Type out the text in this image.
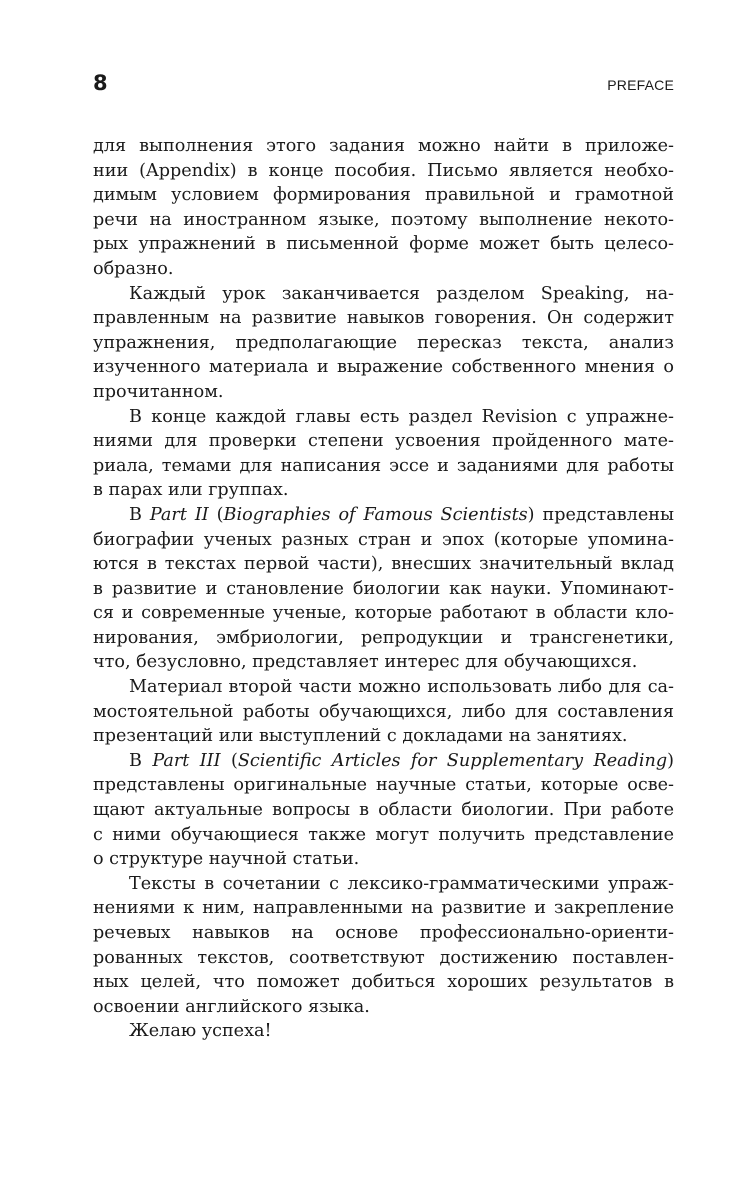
8	PREFACE
для выполнения этого задания можно найти в приложе-
нии (Appendix) в конце пособия. Письмо является необхо-
димым условием формирования правильной и грамотной
речи на иностранном языке, поэтому выполнение некото-
рых упражнений в письменной форме может быть целесо-
образно.
Каждый урок заканчивается разделом Speaking, на-
правленным на развитие навыков говорения. Он содержит
упражнения, предполагающие пересказ текста, анализ
изученного материала и выражение собственного мнения о
прочитанном.
В конце каждой главы есть раздел Revision с упражне-
ниями для проверки степени усвоения пройденного мате-
риала, темами для написания эссе и заданиями для работы
в парах или группах.
В Part II (Biographies of Famous Scientists) представлены
биографии ученых разных стран и эпох (которые упомина-
ются в текстах первой части), внесших значительный вклад
в развитие и становление биологии как науки. Упоминают-
ся и современные ученые, которые работают в области кло-
нирования, эмбриологии, репродукции и трансгенетики,
что, безусловно, представляет интерес для обучающихся.
Материал второй части можно использовать либо для са-
мостоятельной работы обучающихся, либо для составления
презентаций или выступлений с докладами на занятиях.
В Part III (Scientific Articles for Supplementary Reading)
представлены оригинальные научные статьи, которые осве-
щают актуальные вопросы в области биологии. При работе
с ними обучающиеся также могут получить представление
о структуре научной статьи.
Тексты в сочетании с лексико-грамматическими упраж-
нениями к ним, направленными на развитие и закрепление
речевых навыков на основе профессионально-ориенти-
рованных текстов, соответствуют достижению поставлен-
ных целей, что поможет добиться хороших результатов в
освоении английского языка.
Желаю успеха!
